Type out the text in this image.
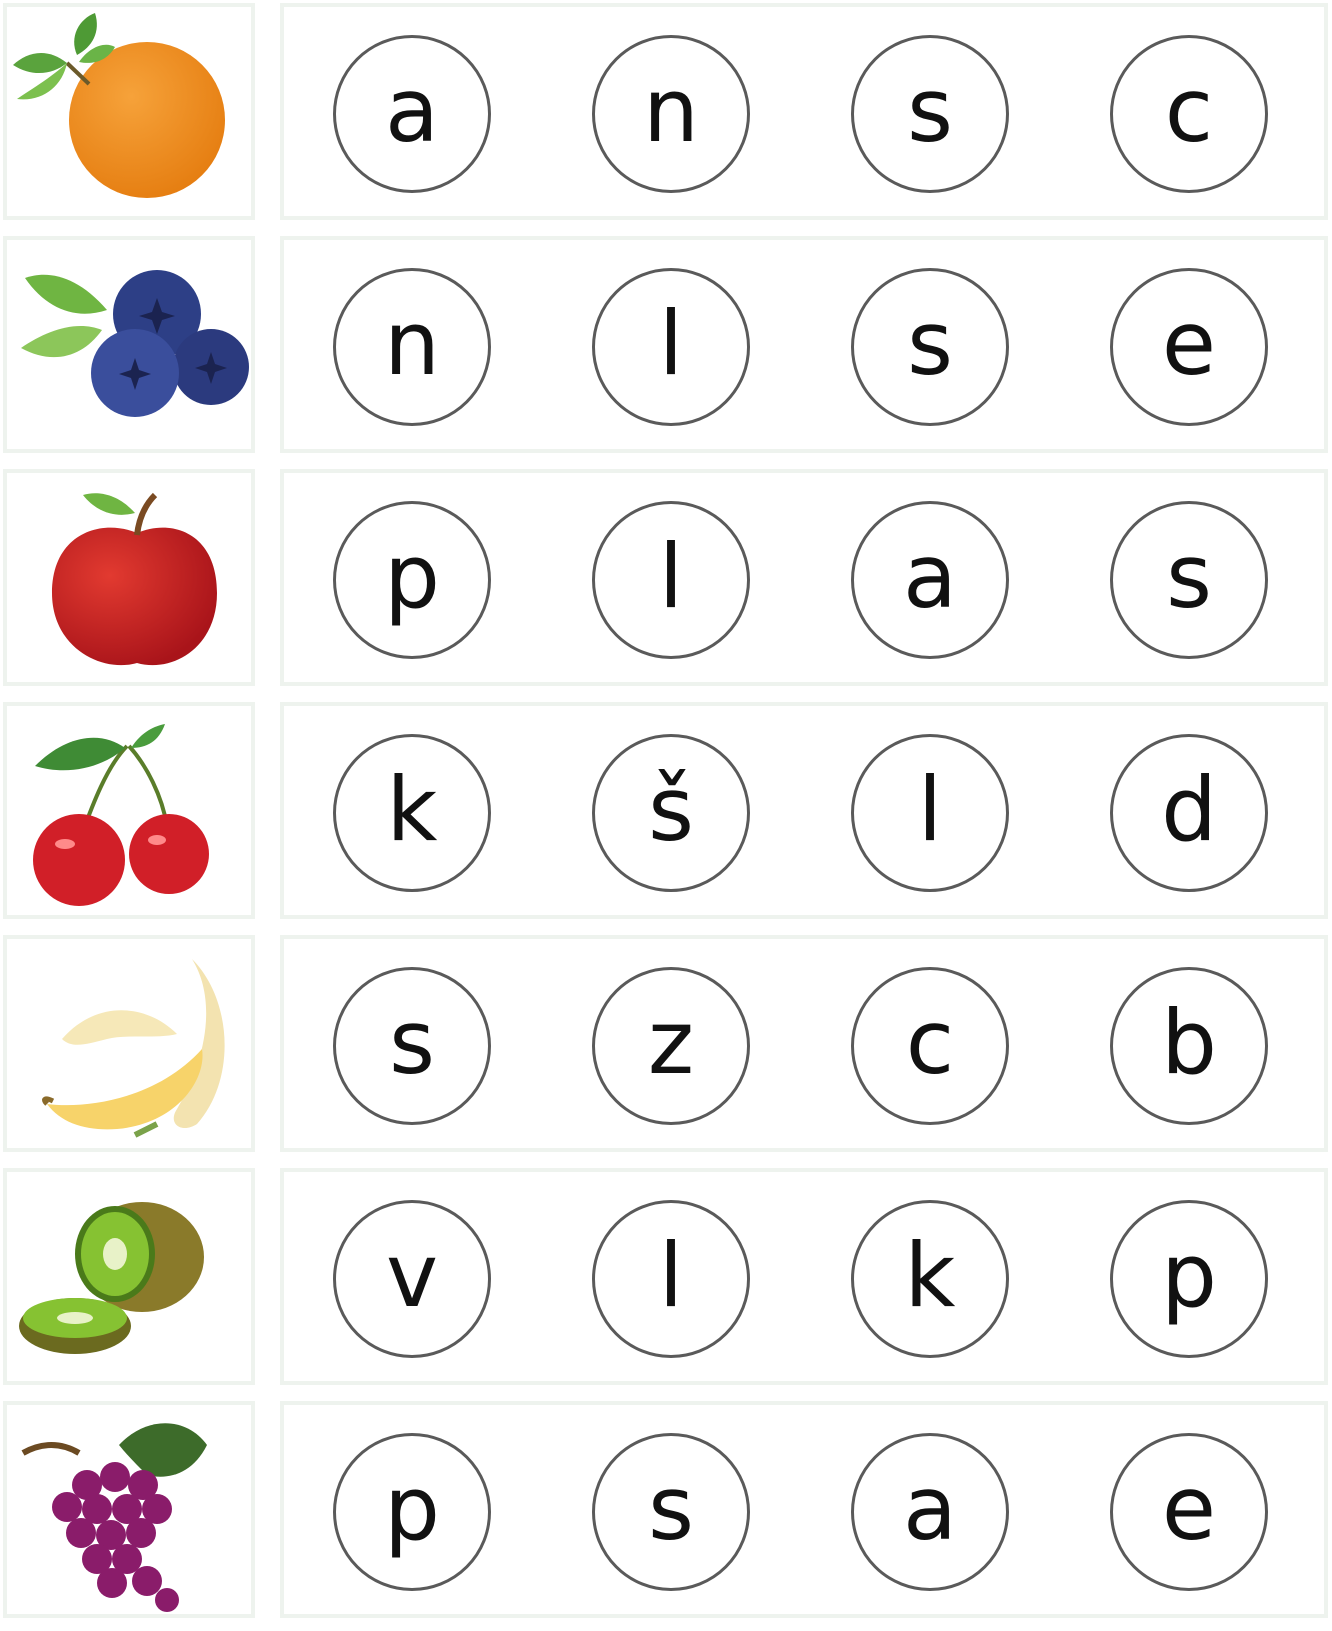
a n s c
n l	s e
p l a s
k š	l d
s z c b
v	l	k p
p s a e
